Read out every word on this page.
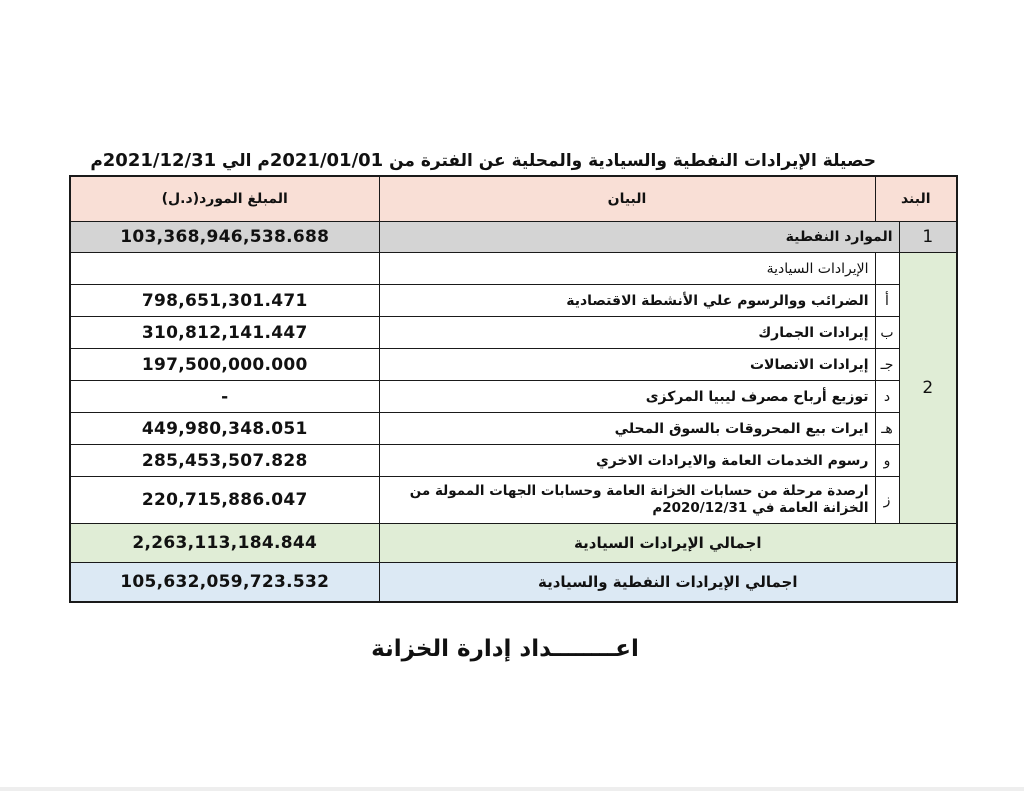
حصيلة الإيرادات النفطية والسيادية والمحلية عن الفترة من 2021/01/01م الي 2021/12/31م
المبلغ المورد(د.ل)	البيان	البند	
103,368,946,538.688	الموارد النفطية		1
	الإيرادات السيادية		2
798,651,301.471	الضرائب ووالرسوم علي الأنشطة الاقتصادية	أ	
310,812,141.447	إيرادات الجمارك	ب	
197,500,000.000	إيرادات الاتصالات	جـ	
-	توزيع أرباح مصرف ليبيا المركزى	د	
449,980,348.051	ايرات بيع المحروقات بالسوق المحلي	هـ	
285,453,507.828	رسوم الخدمات العامة والايرادات الاخري	و	
220,715,886.047	ارصدة مرحلة من حسابات الخزانة العامة وحسابات الجهات الممولة من الخزانة العامة في 2020/12/31م	ز	
2,263,113,184.844	اجمالي الإيرادات السيادية		
105,632,059,723.532	اجمالي الإيرادات النفطية والسيادية		
اعــــــــداد إدارة الخزانة
